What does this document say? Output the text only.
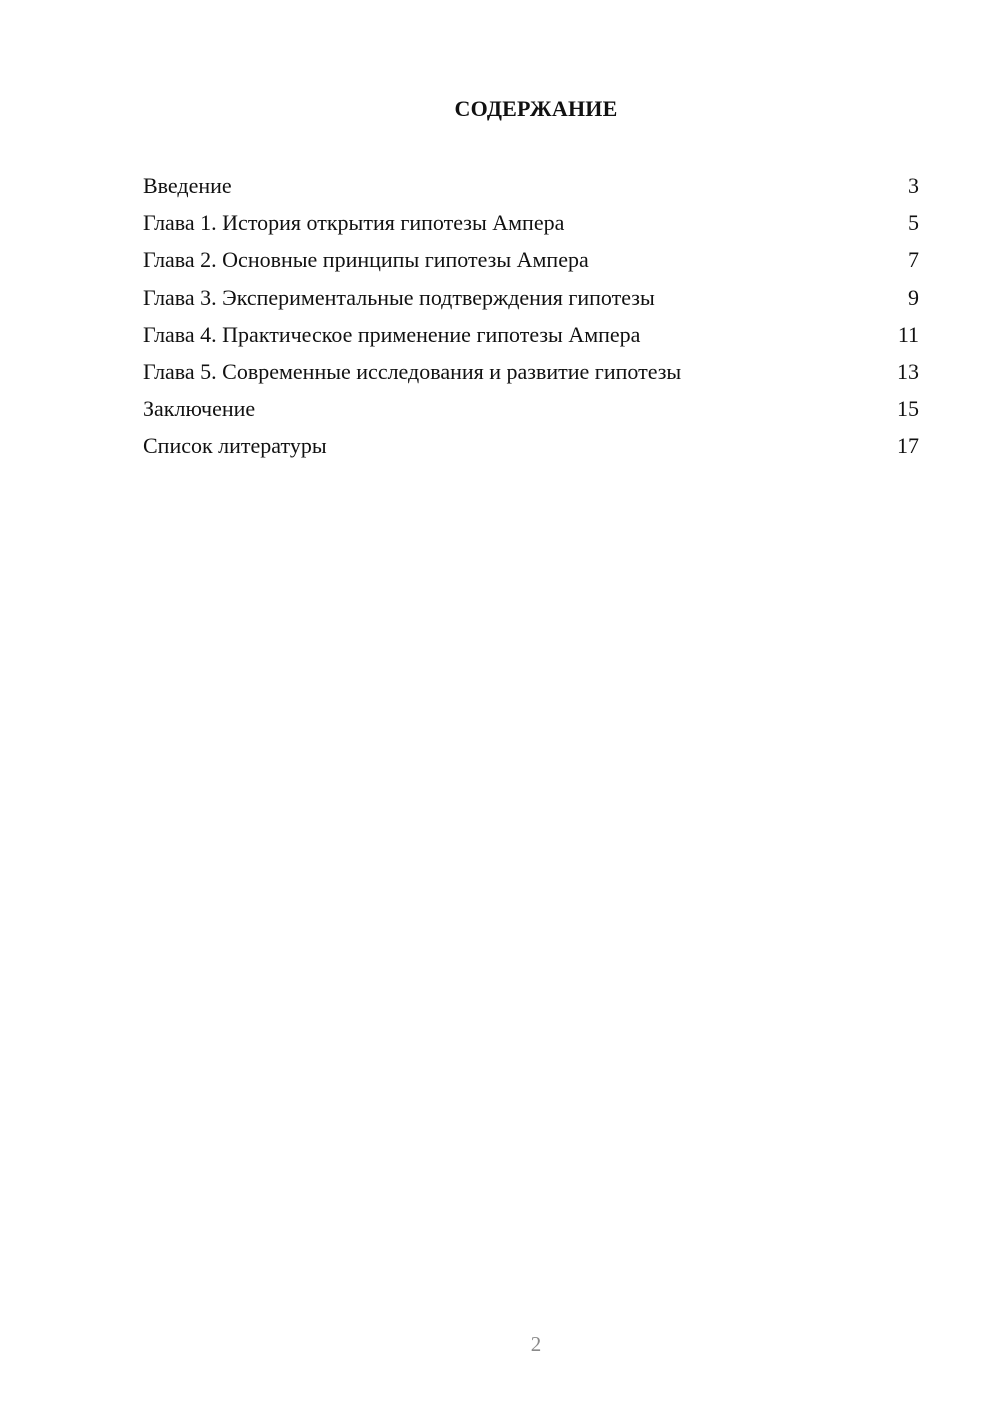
СОДЕРЖАНИЕ
Введение	3
Глава 1. История открытия гипотезы Ампера	5
Глава 2. Основные принципы гипотезы Ампера	7
Глава 3. Экспериментальные подтверждения гипотезы	9
Глава 4. Практическое применение гипотезы Ампера	11
Глава 5. Современные исследования и развитие гипотезы	13
Заключение	15
Список литературы	17
2
